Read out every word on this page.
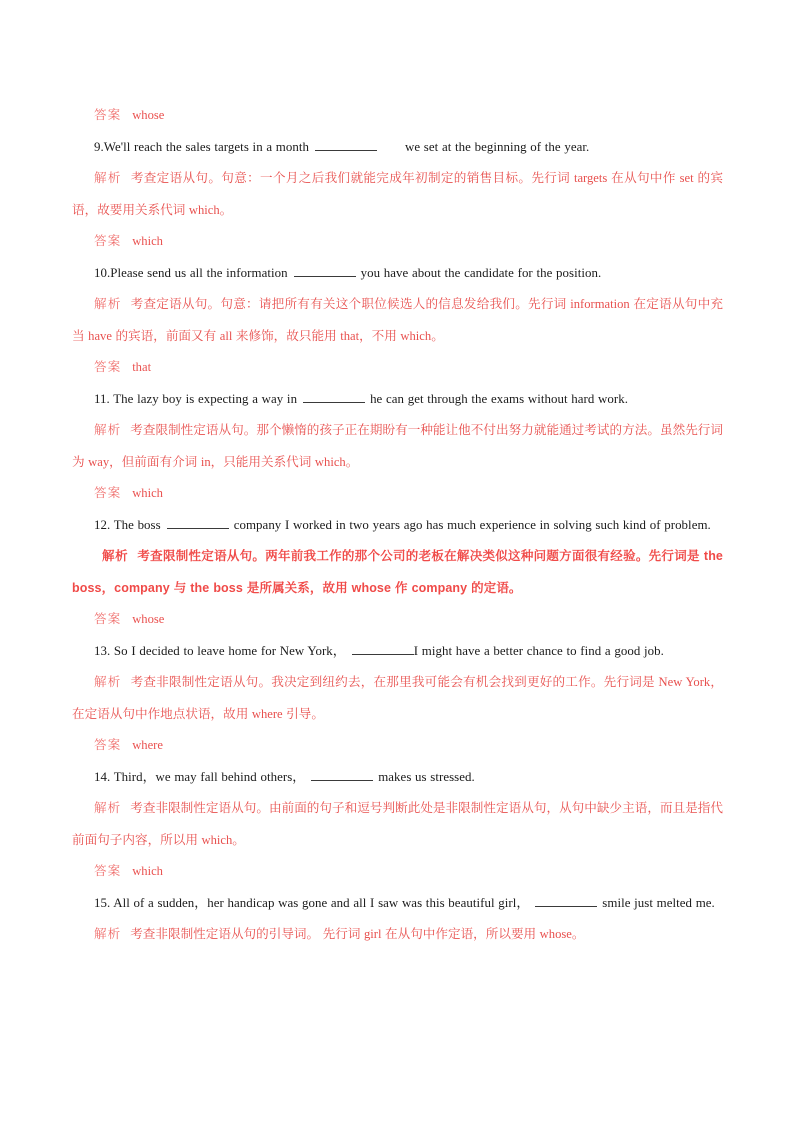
答案 whose

9.We'll reach the sales targets in a month	we set at the beginning of the year.

解析 考查定语从句。句意：一个月之后我们就能完成年初制定的销售目标。先行词 targets 在从句中作 set 的宾语，故要用关系代词 which。

答案 which

10.Please send us all the information	you have about the candidate for the position.

解析 考查定语从句。句意：请把所有有关这个职位候选人的信息发给我们。先行词 information 在定语从句中充当 have 的宾语，前面又有 all 来修饰，故只能用 that，不用 which。

答案 that

11. The lazy boy is expecting a way in	he can get through the exams without hard work.

解析 考查限制性定语从句。那个懒惰的孩子正在期盼有一种能让他不付出努力就能通过考试的方法。虽然先行词为 way，但前面有介词 in，只能用关系代词 which。

答案 which

12. The boss	company I worked in two years ago has much experience in solving such kind of problem.

解析 考查限制性定语从句。两年前我工作的那个公司的老板在解决类似这种问题方面很有经验。先行词是 the boss，company 与 the boss 是所属关系，故用 whose 作 company 的定语。

答案 whose

13. So I decided to leave home for New York，	I might have a better chance to find a good job.

解析 考查非限制性定语从句。我决定到纽约去，在那里我可能会有机会找到更好的工作。先行词是 New York，在定语从句中作地点状语，故用 where 引导。

答案 where

14. Third，we may fall behind others，	makes us stressed.

解析 考查非限制性定语从句。由前面的句子和逗号判断此处是非限制性定语从句，从句中缺少主语，而且是指代前面句子内容，所以用 which。

答案 which

15. All of a sudden，her handicap was gone and all I saw was this beautiful girl，	smile just melted me.

解析 考查非限制性定语从句的引导词。 先行词 girl 在从句中作定语，所以要用 whose。
